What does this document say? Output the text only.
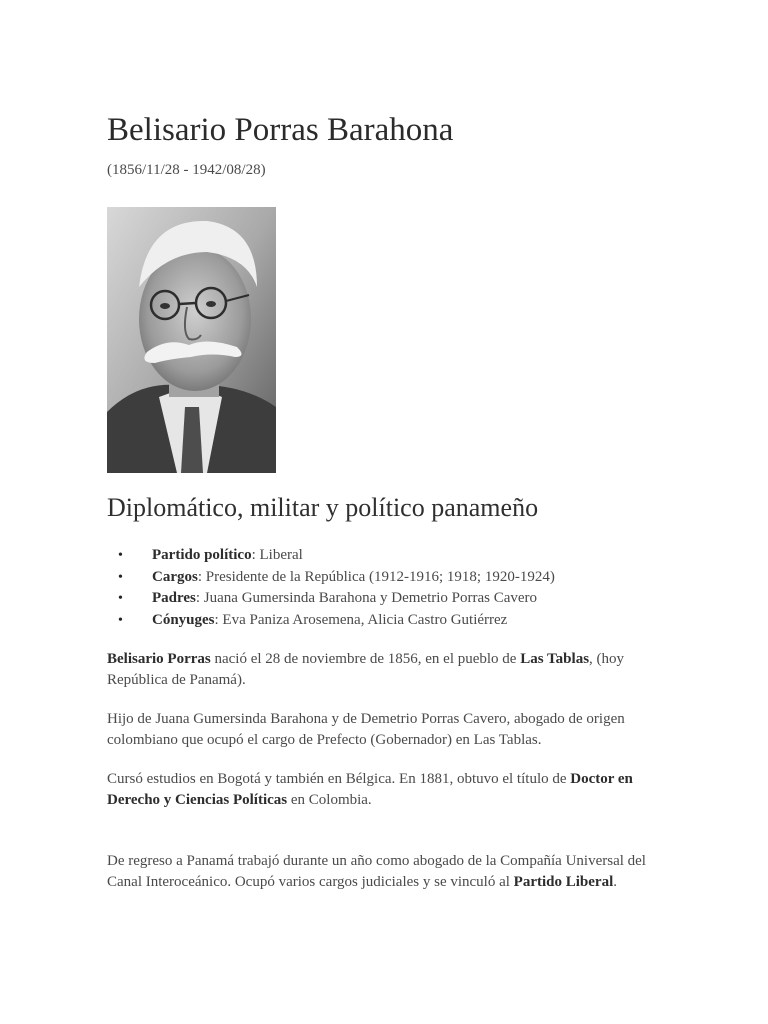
Belisario Porras Barahona
(1856/11/28 - 1942/08/28)
Diplomático, militar y político panameño
• Partido político: Liberal
• Cargos: Presidente de la República (1912-1916; 1918; 1920-1924)
• Padres: Juana Gumersinda Barahona y Demetrio Porras Cavero
• Cónyuges: Eva Paniza Arosemena, Alicia Castro Gutiérrez

Belisario Porras nació el 28 de noviembre de 1856, en el pueblo de Las Tablas, (hoy República de Panamá).

Hijo de Juana Gumersinda Barahona y de Demetrio Porras Cavero, abogado de origen colombiano que ocupó el cargo de Prefecto (Gobernador) en Las Tablas.

Cursó estudios en Bogotá y también en Bélgica. En 1881, obtuvo el título de Doctor en Derecho y Ciencias Políticas en Colombia.

De regreso a Panamá trabajó durante un año como abogado de la Compañía Universal del Canal Interoceánico. Ocupó varios cargos judiciales y se vinculó al Partido Liberal.
